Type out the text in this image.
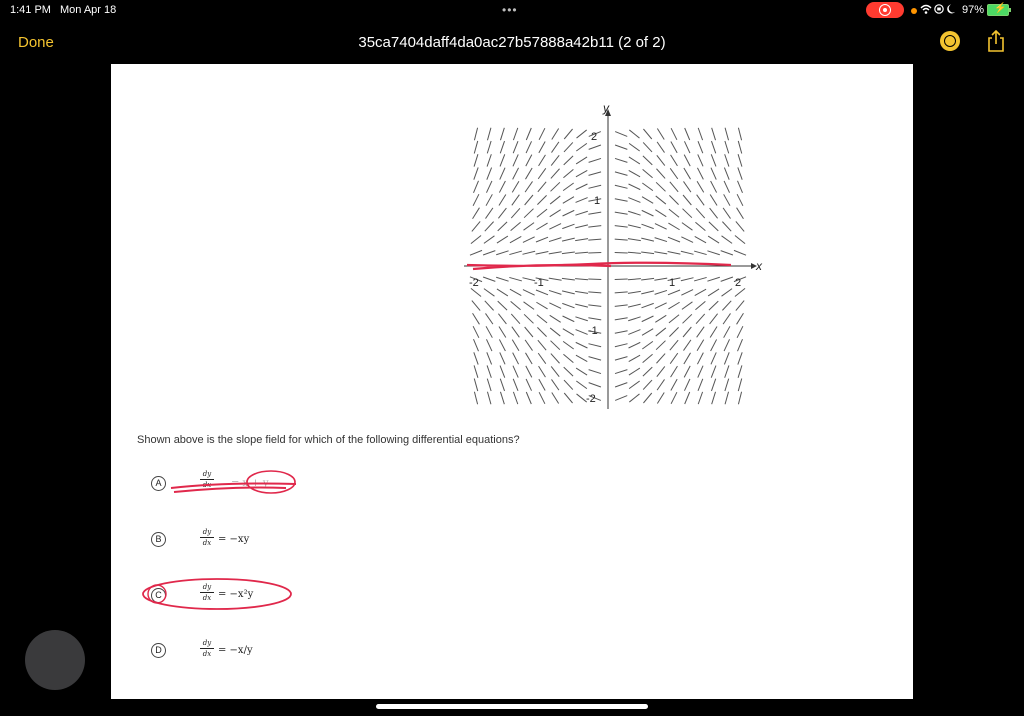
1:41 PM Mon Apr 18	•••	97% ⚡
Done	35ca7404daff4da0ac27b57888a42b11 (2 of 2)
y
x
-2	-1	1	2
2
1
-1
-2
Shown above is the slope field for which of the following differential equations?
A	$\frac{dy}{dx} = x + y$
B	$\frac{dy}{dx} = -xy$
C	$\frac{dy}{dx} = -x^2y$
D	$\frac{dy}{dx} = -x/y$
